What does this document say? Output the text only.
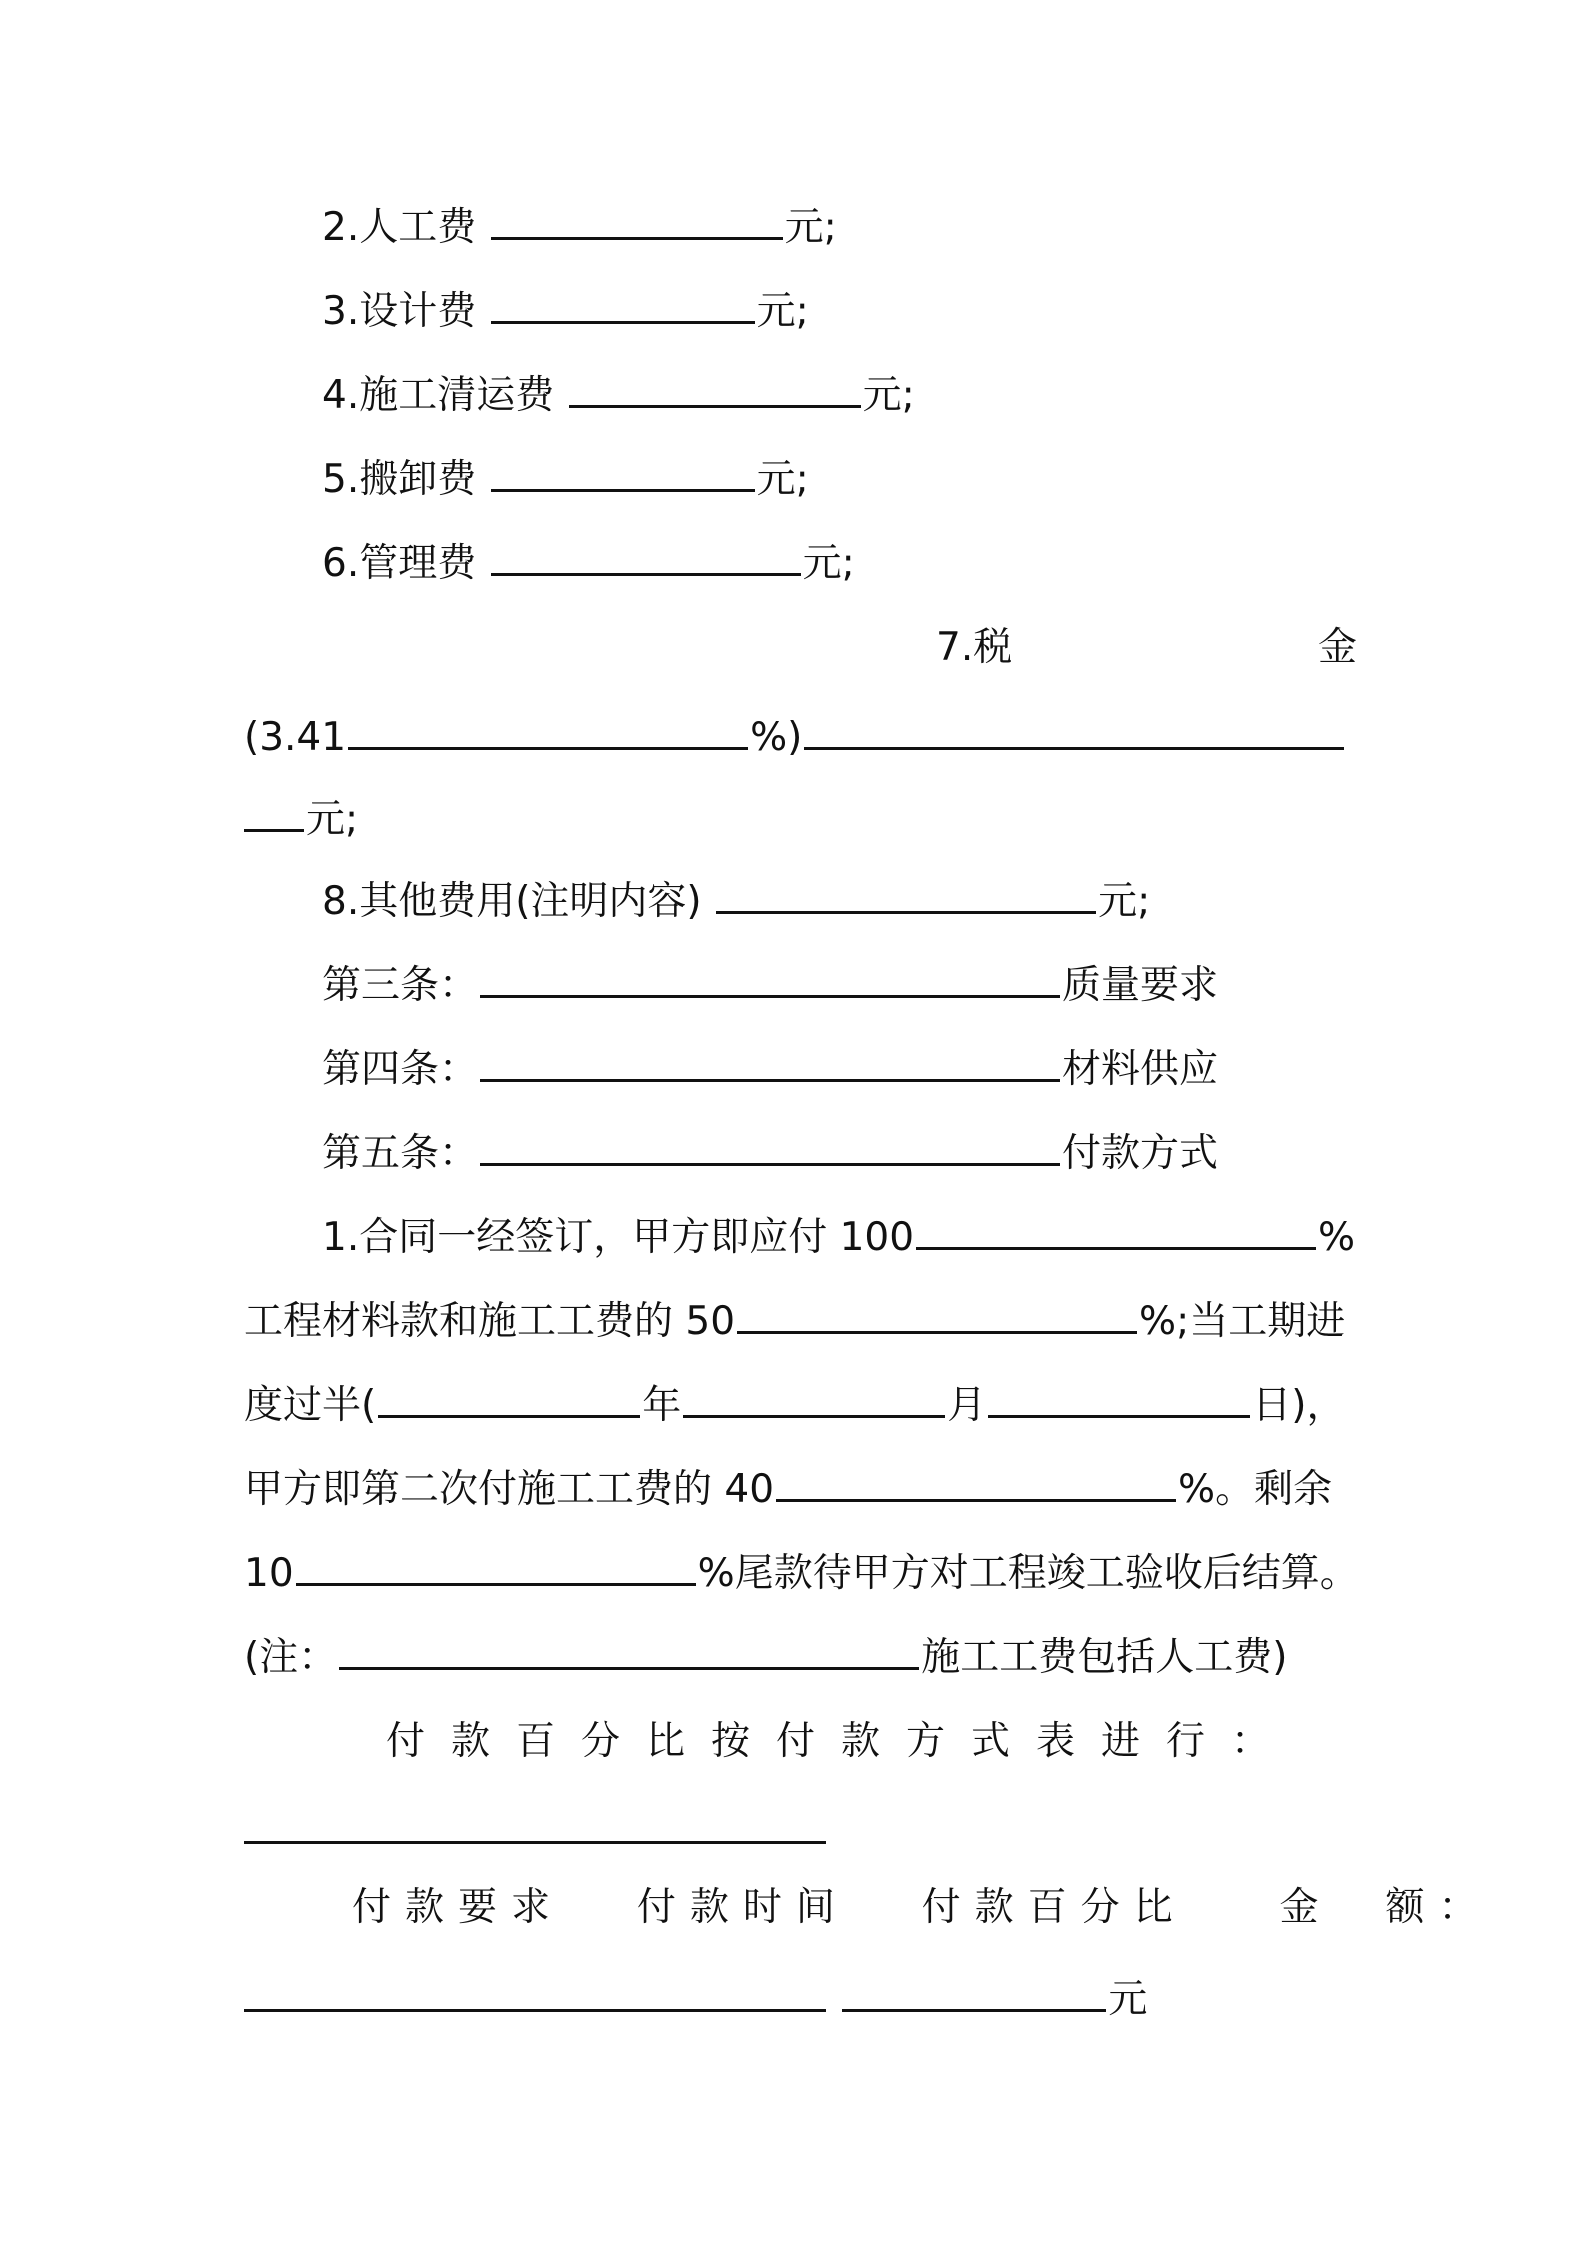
2.人工费	元;
3.设计费	元;
4.施工清运费	元;
5.搬卸费	元;
6.管理费	元;
7.税	金
(3.41	%)
元;
8.其他费用(注明内容)	元;
第三条：	质量要求
第四条：	材料供应
第五条：	付款方式
1.合同一经签订，甲方即应付 100	%
工程材料款和施工工费的 50	%;当工期进
度过半(	年	月	日)，
甲方即第二次付施工工费的 40	%。剩余
10	%尾款待甲方对工程竣工验收后结算。
(注：	施工工费包括人工费)
付款百分比按付款方式表进行：
付款要求 付款时间 付款百分比 金　额：
元
